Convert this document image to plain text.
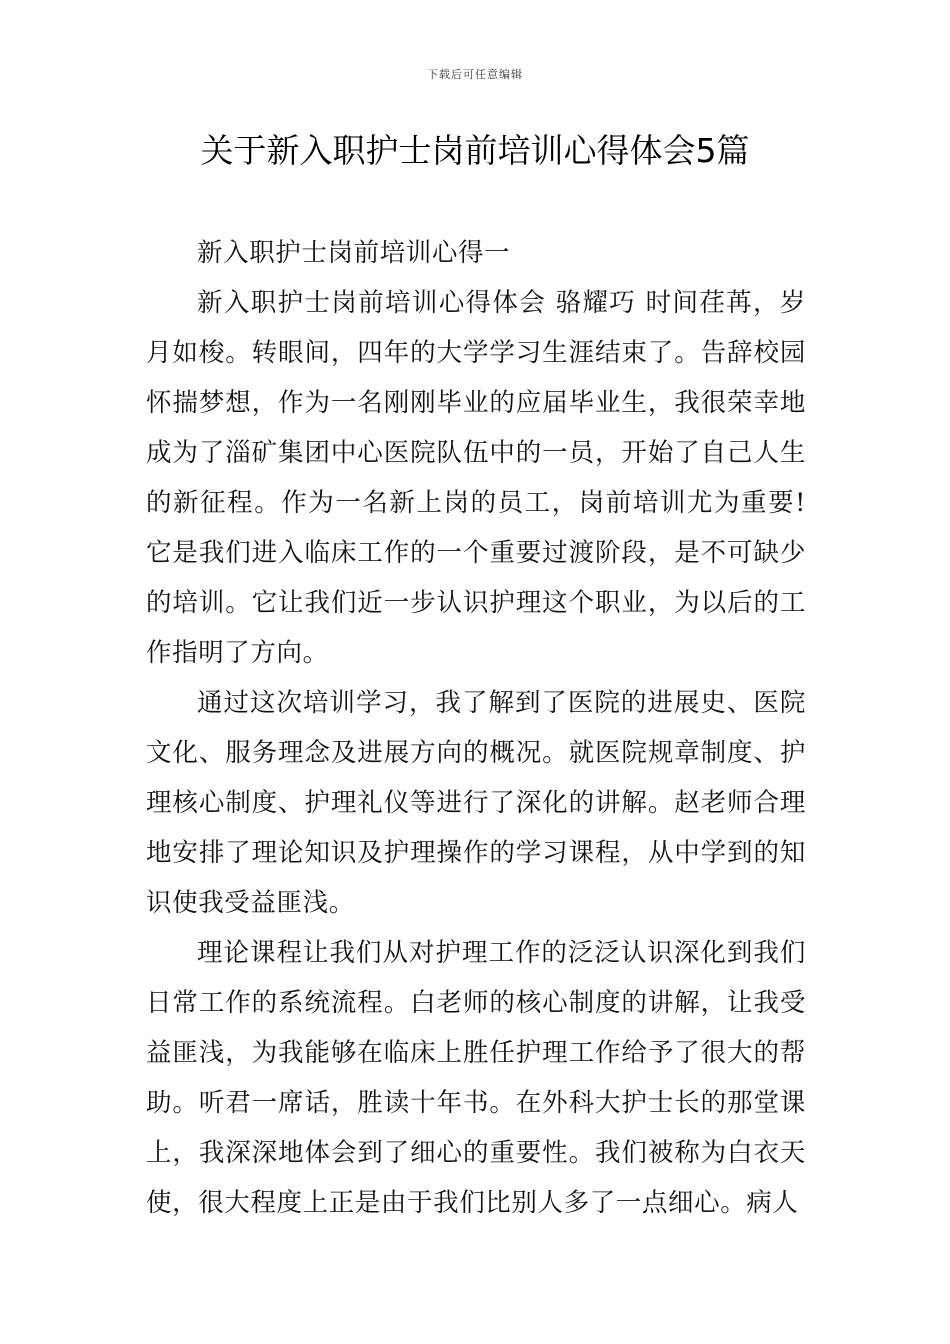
下载后可任意编辑
关于新入职护士岗前培训心得体会5篇

新入职护士岗前培训心得一

新入职护士岗前培训心得体会 骆耀巧 时间荏苒，岁月如梭。转眼间，四年的大学学习生涯结束了。告辞校园怀揣梦想，作为一名刚刚毕业的应届毕业生，我很荣幸地成为了淄矿集团中心医院队伍中的一员，开始了自己人生的新征程。作为一名新上岗的员工，岗前培训尤为重要!它是我们进入临床工作的一个重要过渡阶段，是不可缺少的培训。它让我们近一步认识护理这个职业，为以后的工作指明了方向。

通过这次培训学习，我了解到了医院的进展史、医院文化、服务理念及进展方向的概况。就医院规章制度、护理核心制度、护理礼仪等进行了深化的讲解。赵老师合理地安排了理论知识及护理操作的学习课程，从中学到的知识使我受益匪浅。

理论课程让我们从对护理工作的泛泛认识深化到我们日常工作的系统流程。白老师的核心制度的讲解，让我受益匪浅，为我能够在临床上胜任护理工作给予了很大的帮助。听君一席话，胜读十年书。在外科大护士长的那堂课上，我深深地体会到了细心的重要性。我们被称为白衣天使，很大程度上正是由于我们比别人多了一点细心。病人
